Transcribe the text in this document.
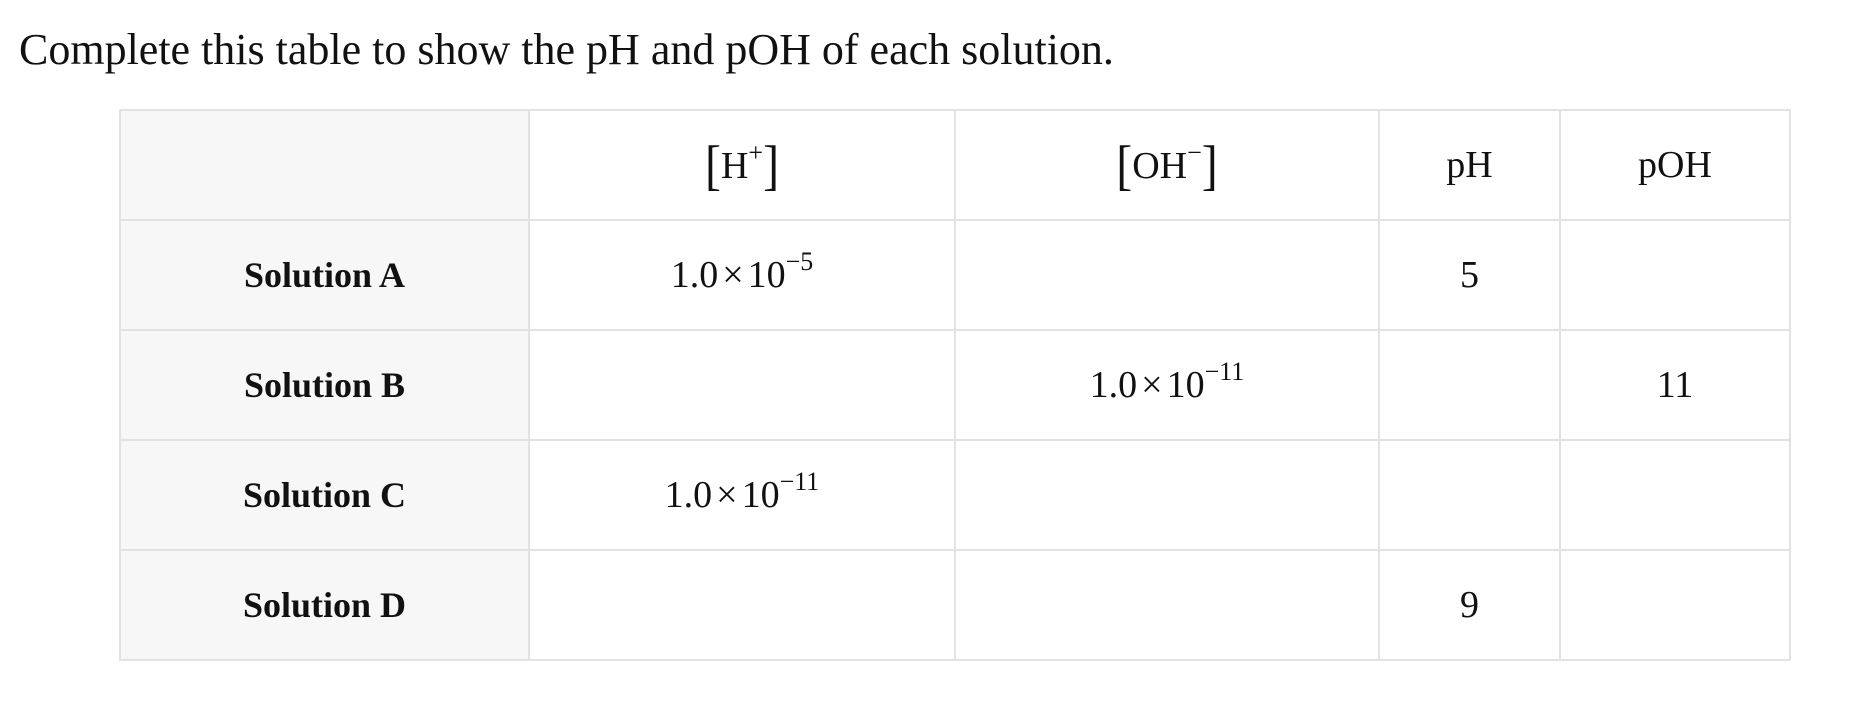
Complete this table to show the pH and pOH of each solution.

	[H+]	[OH−]	pH	pOH
Solution A	$1.0 \times 10^{-5}$		5	
Solution B		$1.0 \times 10^{-11}$		11
Solution C	$1.0 \times 10^{-11}$			
Solution D			9	
